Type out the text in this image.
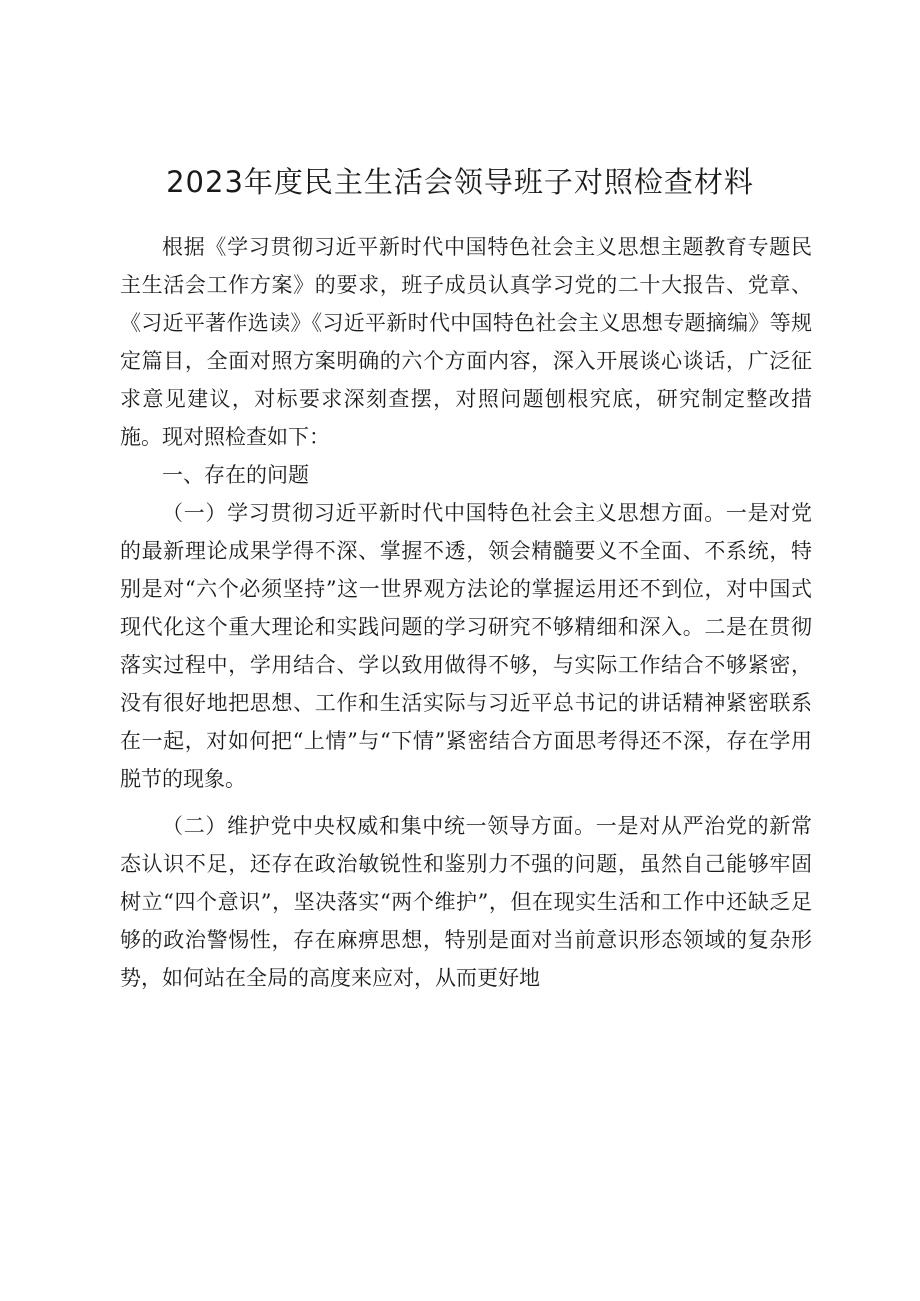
2023年度民主生活会领导班子对照检查材料

根据《学习贯彻习近平新时代中国特色社会主义思想主题教育专题民主生活会工作方案》的要求，班子成员认真学习党的二十大报告、党章、《习近平著作选读》《习近平新时代中国特色社会主义思想专题摘编》等规定篇目，全面对照方案明确的六个方面内容，深入开展谈心谈话，广泛征求意见建议，对标要求深刻查摆，对照问题刨根究底，研究制定整改措施。现对照检查如下：

一、存在的问题

（一）学习贯彻习近平新时代中国特色社会主义思想方面。一是对党的最新理论成果学得不深、掌握不透，领会精髓要义不全面、不系统，特别是对“六个必须坚持”这一世界观方法论的掌握运用还不到位，对中国式现代化这个重大理论和实践问题的学习研究不够精细和深入。二是在贯彻落实过程中，学用结合、学以致用做得不够，与实际工作结合不够紧密，没有很好地把思想、工作和生活实际与习近平总书记的讲话精神紧密联系在一起，对如何把“上情”与“下情”紧密结合方面思考得还不深，存在学用脱节的现象。

（二）维护党中央权威和集中统一领导方面。一是对从严治党的新常态认识不足，还存在政治敏锐性和鉴别力不强的问题，虽然自己能够牢固树立“四个意识”，坚决落实“两个维护”，但在现实生活和工作中还缺乏足够的政治警惕性，存在麻痹思想，特别是面对当前意识形态领域的复杂形势，如何站在全局的高度来应对，从而更好地
